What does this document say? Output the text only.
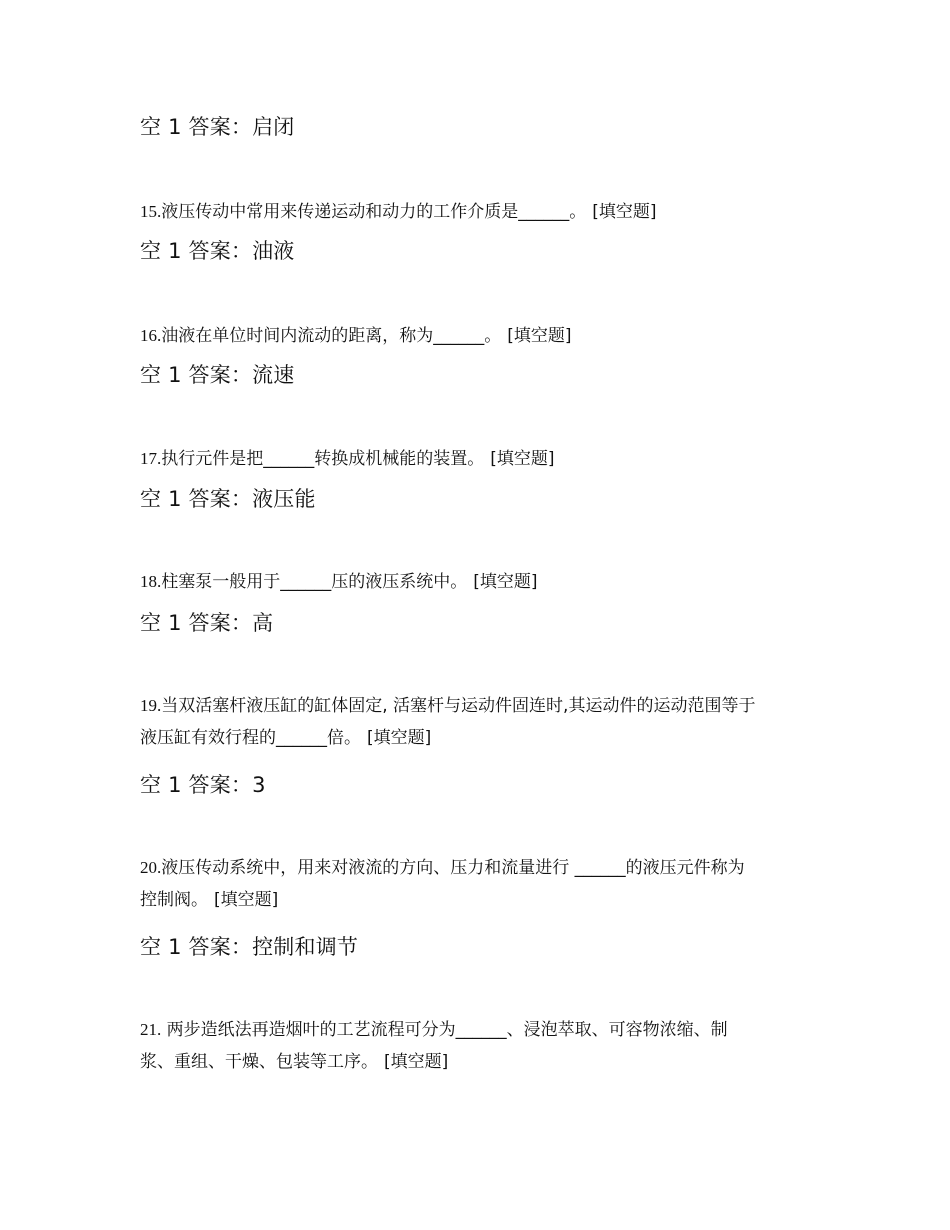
空 1 答案：启闭
15.液压传动中常用来传递运动和动力的工作介质是______。 [填空题]
空 1 答案：油液
16.油液在单位时间内流动的距离，称为______。 [填空题]
空 1 答案：流速
17.执行元件是把______转换成机械能的装置。 [填空题]
空 1 答案：液压能
18.柱塞泵一般用于______压的液压系统中。 [填空题]
空 1 答案：高
19.当双活塞杆液压缸的缸体固定, 活塞杆与运动件固连时,其运动件的运动范围等于
液压缸有效行程的______倍。 [填空题]
空 1 答案：3
20.液压传动系统中，用来对液流的方向、压力和流量进行 ______的液压元件称为
控制阀。 [填空题]
空 1 答案：控制和调节
21. 两步造纸法再造烟叶的工艺流程可分为______、浸泡萃取、可容物浓缩、制
浆、重组、干燥、包装等工序。 [填空题]
